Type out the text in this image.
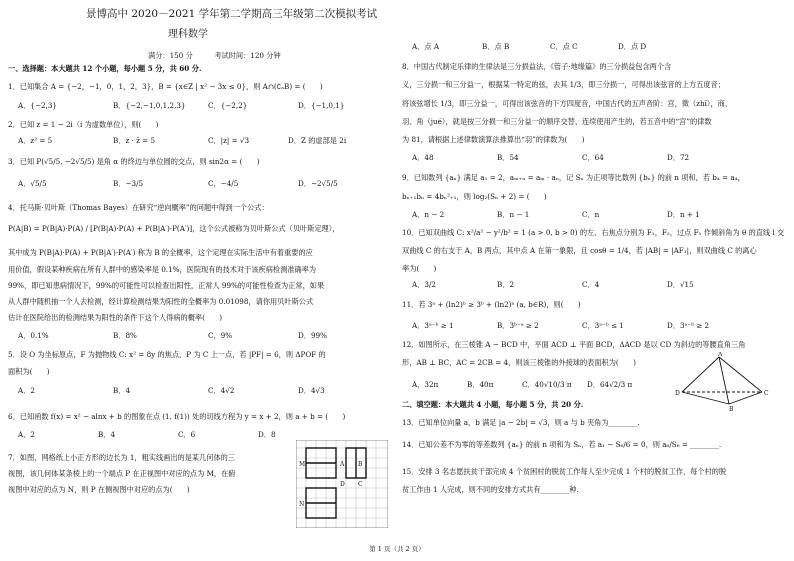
景博高中 2020－2021 学年第二学期高三年级第二次模拟考试
理科数学
满分：150 分　　　考试时间：120 分钟
一、选择题：本大题共 12 个小题，每小题 5 分，共 60 分.
1．已知集合 A = {−2，−1，0，1，2，3}，B = {x∈Z | x² − 3x ≤ 0}，则 A∩(∁ₐB) = (　　)
A．{−2,3}	B．{−2,−1,0,1,2,3}	C．{−2,2}	D．{−1,0,1}
2．已知 z = 1 − 2i（i 为虚数单位），则(　　)
A．z² = 5	B．z · z̄ = 5	C．|z| = √3	D．Z 的虚部是 2i
3．已知 P(√5/5, −2√5/5) 是角 α 的终边与单位圆的交点，则 sin2α = (　　)
A．√5/5	B．−3/5	C．−4/5	D．−2√5/5
4．托马斯·贝叶斯（Thomas Bayes）在研究“逆向概率”的问题中得到一个公式：
P(A|B) = P(B|A)·P(A) / [P(B|A)·P(A) + P(B|A′)·P(A′)]，这个公式被称为贝叶斯公式（贝叶斯定理），
其中成为 P(B|A)·P(A) + P(B|A′)·P(A′) 称为 B 的全概率，这个定理在实际生活中有着重要的应
用价值，假设某种疾病在所有人群中的感染率是 0.1%，医院现有的技术对于该疾病检测准确率为
99%，即已知患病情况下，99%的可能性可以检查出阳性，正常人 99%的可能性检查为正常，如果
从人群中随机抽一个人去检测，经计算检测结果为阳性的全概率为 0.01098，请你用贝叶斯公式
估计在医院给出的检测结果为阳性的条件下这个人得病的概率(　　)
A．0.1%	B．8%	C．9%	D．99%
5．设 O 为坐标原点，F 为抛物线 C: x² = 8y 的焦点，P 为 C 上一点，若 |PF| = 6，则 ΔPOF 的
面积为(　　)
A．2	B．4	C．4√2	D．4√3
6．已知函数 f(x) = x² − alnx + b 的图象在点 (1, f(1)) 处的切线方程为 y = x + 2，则 a + b = (　　)
A．2	B．4	C．6	D．8
7．如图，网格纸上小正方形的边长为 1，粗实线画出的是某几何体的三
视图，该几何体某条棱上的一个端点 P 在正视图中对应的点为 M，在俯
视图中对应的点为 N，则 P 在侧视图中对应的点为(　　)
M
N
A B
D C
A．点 A	B．点 B	C．点 C	D．点 D
8．中国古代制定乐律的生律法是三分损益法，《管子·地缘篇》的三分损益包含两个含
义，三分损一和三分益一，根据某一特定的弦，去其 1/3，即三分损一，可得出该弦音的上方五度音；
将该弦增长 1/3，即三分益一，可得出该弦音的下方四度音，中国古代的五声音阶：宫，徵（zhǐ），商、
羽、角（jué），就是按三分损一和三分益一的顺序交替、连续使用产生的，若五音中的“宫”的律数
为 81，请根据上述律数演算法推算出“羽”的律数为(　　)
A．48	B．54	C．64	D．72
9．已知数列 {aₙ} 满足 a₁ = 2，aₘ₊ₙ = aₘ · aₙ，记 Sₙ 为正项等比数列 {bₙ} 的前 n 项和，若 b₄ = a₄，
bₙ₊₁bₙ = 4bₙ²₊₁，则 log₂(Sₙ + 2) = (　　)
A．n − 2	B．n − 1	C．n	D．n + 1
10．已知双曲线 C: x²/a² − y²/b² = 1 (a > 0, b > 0) 的左、右焦点分别为 F₁，F₂，过点 F₁ 作倾斜角为 θ 的直线 l 交
双曲线 C 的右支于 A，B 两点，其中点 A 在第一象限，且 cosθ = 1/4，若 |AB| = |AF₁|，则双曲线 C 的离心
率为(　　)
A．3/2	B．2	C．4	D．√15
11．若 3ᵃ + (ln2)ᵇ ≥ 3ᵇ + (ln2)ᵃ (a, b∈R)，则(　　)
A．3ᵃ⁻ᵇ ≥ 1	B．3ᵇ⁻ᵃ ≥ 2	C．3ᵃ⁻ᵇ ≤ 1	D．3ᵃ⁻ᵇ ≥ 2
12．如图所示，在三棱锥 A − BCD 中，平面 ACD ⊥ 平面 BCD，ΔACD 是以 CD 为斜边的等腰直角三角
形，AB ⊥ BC，AC = 2CB = 4，则该三棱锥的外接球的表面积为(　　)
A．32π	B．40π	C．40√10/3 π D．64√2/3 π
A
D	C
B
二、填空题：本大题共 4 小题，每小题 5 分，共 20 分.
13．已知单位向量 a，b 满足 |a − 2b| = √3，则 a 与 b 夹角为________.
14．已知公差不为零的等差数列 {aₙ} 的前 n 项和为 Sₙ，若 a₁ − S₆/6 = 0，则 a₆/S₆ = ________.
15．安排 3 名志愿扶贫干部完成 4 个贫困村的脱贫工作每人至少完成 1 个村的脱贫工作，每个村的脱
贫工作由 1 人完成，则不同的安排方式共有________种.
第 1 页（共 2 页）
